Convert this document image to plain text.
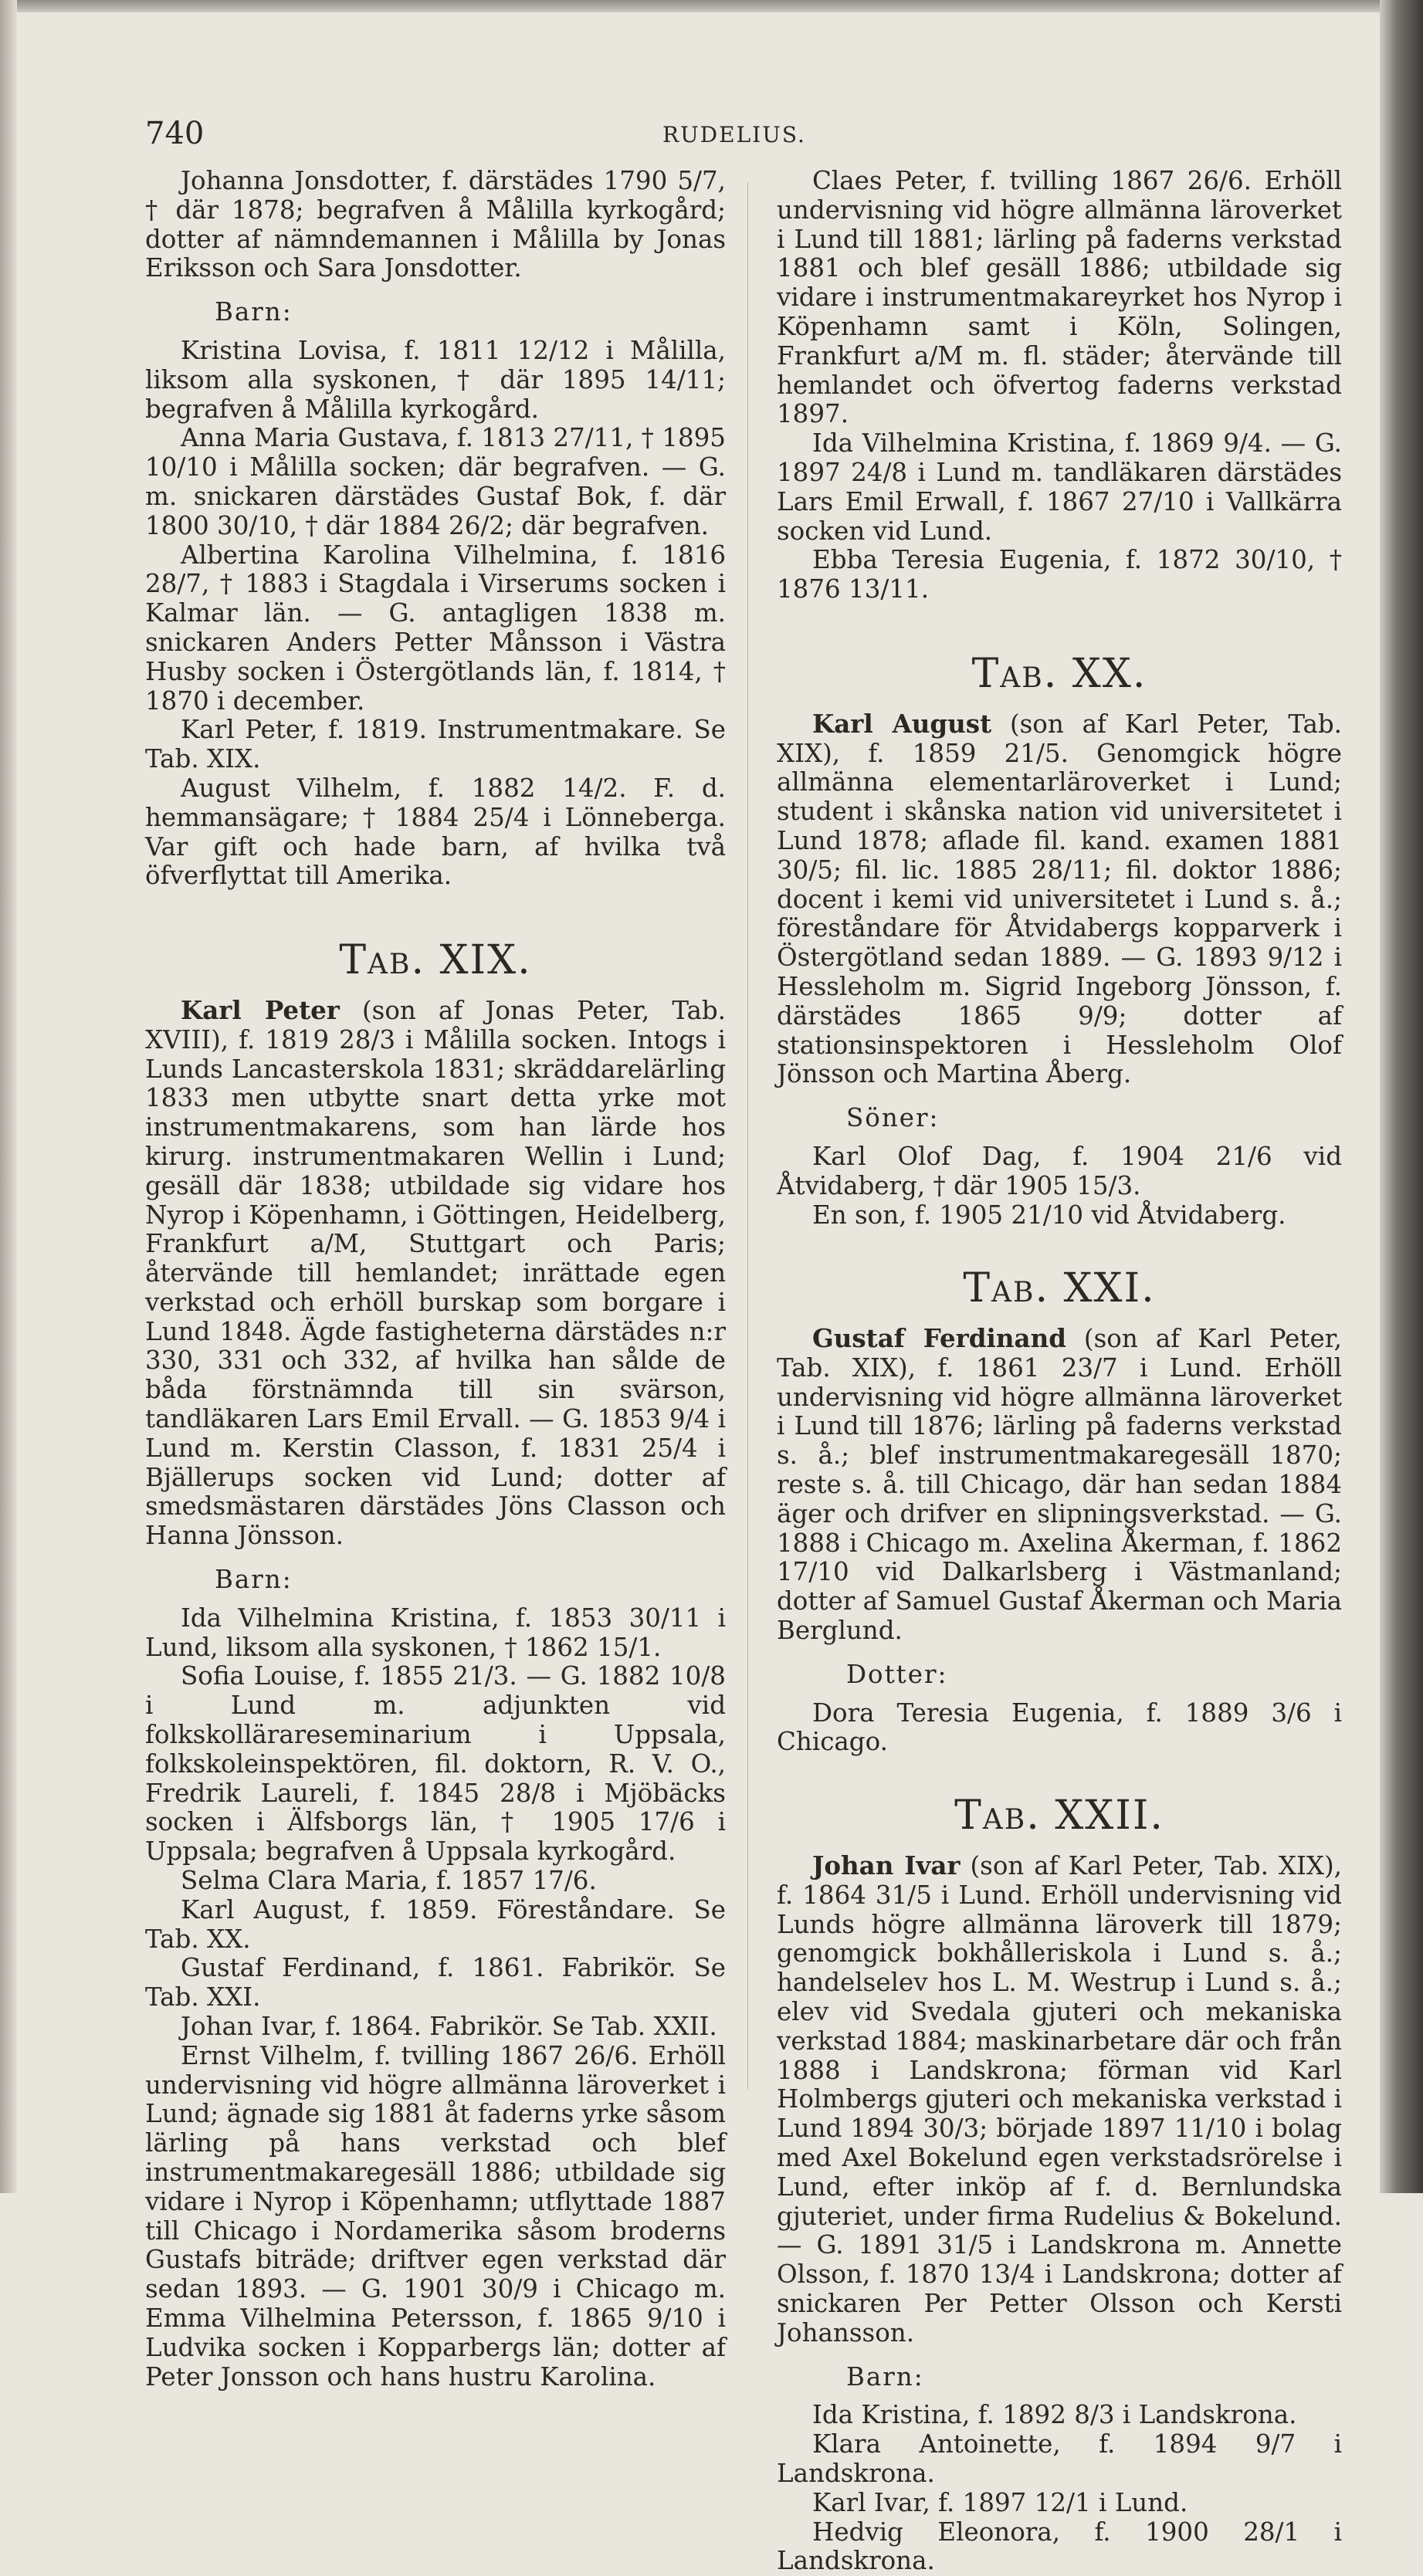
740	RUDELIUS.

Johanna Jonsdotter, f. därstädes 1790 5/7, † där 1878; begrafven å Målilla kyrkogård; dotter af nämndemannen i Målilla by Jonas Eriksson och Sara Jonsdotter.

Barn:

Kristina Lovisa, f. 1811 12/12 i Målilla, liksom alla syskonen, † där 1895 14/11; begrafven å Målilla kyrkogård.

Anna Maria Gustava, f. 1813 27/11, † 1895 10/10 i Målilla socken; där begrafven. — G. m. snickaren därstädes Gustaf Bok, f. där 1800 30/10, † där 1884 26/2; där begrafven.

Albertina Karolina Vilhelmina, f. 1816 28/7, † 1883 i Stagdala i Virserums socken i Kalmar län. — G. antagligen 1838 m. snickaren Anders Petter Månsson i Västra Husby socken i Östergötlands län, f. 1814, † 1870 i december.

Karl Peter, f. 1819. Instrumentmakare. Se Tab. XIX.

August Vilhelm, f. 1882 14/2. F. d. hemmansägare; † 1884 25/4 i Lönneberga. Var gift och hade barn, af hvilka två öfverflyttat till Amerika.

Tab. XIX.

Karl Peter (son af Jonas Peter, Tab. XVIII), f. 1819 28/3 i Målilla socken. Intogs i Lunds Lancasterskola 1831; skräddarelärling 1833 men utbytte snart detta yrke mot instrumentmakarens, som han lärde hos kirurg. instrumentmakaren Wellin i Lund; gesäll där 1838; utbildade sig vidare hos Nyrop i Köpenhamn, i Göttingen, Heidelberg, Frankfurt a/M, Stuttgart och Paris; återvände till hemlandet; inrättade egen verkstad och erhöll burskap som borgare i Lund 1848. Ägde fastigheterna därstädes n:r 330, 331 och 332, af hvilka han sålde de båda förstnämnda till sin svärson, tandläkaren Lars Emil Ervall. — G. 1853 9/4 i Lund m. Kerstin Classon, f. 1831 25/4 i Bjällerups socken vid Lund; dotter af smedsmästaren därstädes Jöns Classon och Hanna Jönsson.

Barn:

Ida Vilhelmina Kristina, f. 1853 30/11 i Lund, liksom alla syskonen, † 1862 15/1.

Sofia Louise, f. 1855 21/3. — G. 1882 10/8 i Lund m. adjunkten vid folkskollärareseminarium i Uppsala, folkskoleinspektören, fil. doktorn, R. V. O., Fredrik Laureli, f. 1845 28/8 i Mjöbäcks socken i Älfsborgs län, † 1905 17/6 i Uppsala; begrafven å Uppsala kyrkogård.

Selma Clara Maria, f. 1857 17/6.

Karl August, f. 1859. Föreståndare. Se Tab. XX.

Gustaf Ferdinand, f. 1861. Fabrikör. Se Tab. XXI.

Johan Ivar, f. 1864. Fabrikör. Se Tab. XXII.

Ernst Vilhelm, f. tvilling 1867 26/6. Erhöll undervisning vid högre allmänna läroverket i Lund; ägnade sig 1881 åt faderns yrke såsom lärling på hans verkstad och blef instrumentmakaregesäll 1886; utbildade sig vidare i Nyrop i Köpenhamn; utflyttade 1887 till Chicago i Nordamerika såsom broderns Gustafs biträde; driftver egen verkstad där sedan 1893. — G. 1901 30/9 i Chicago m. Emma Vilhelmina Petersson, f. 1865 9/10 i Ludvika socken i Kopparbergs län; dotter af Peter Jonsson och hans hustru Karolina.

Claes Peter, f. tvilling 1867 26/6. Erhöll undervisning vid högre allmänna läroverket i Lund till 1881; lärling på faderns verkstad 1881 och blef gesäll 1886; utbildade sig vidare i instrumentmakareyrket hos Nyrop i Köpenhamn samt i Köln, Solingen, Frankfurt a/M m. fl. städer; återvände till hemlandet och öfvertog faderns verkstad 1897.

Ida Vilhelmina Kristina, f. 1869 9/4. — G. 1897 24/8 i Lund m. tandläkaren därstädes Lars Emil Erwall, f. 1867 27/10 i Vallkärra socken vid Lund.

Ebba Teresia Eugenia, f. 1872 30/10, † 1876 13/11.

Tab. XX.

Karl August (son af Karl Peter, Tab. XIX), f. 1859 21/5. Genomgick högre allmänna elementarläroverket i Lund; student i skånska nation vid universitetet i Lund 1878; aflade fil. kand. examen 1881 30/5; fil. lic. 1885 28/11; fil. doktor 1886; docent i kemi vid universitetet i Lund s. å.; föreståndare för Åtvidabergs kopparverk i Östergötland sedan 1889. — G. 1893 9/12 i Hessleholm m. Sigrid Ingeborg Jönsson, f. därstädes 1865 9/9; dotter af stationsinspektoren i Hessleholm Olof Jönsson och Martina Åberg.

Söner:

Karl Olof Dag, f. 1904 21/6 vid Åtvidaberg, † där 1905 15/3.

En son, f. 1905 21/10 vid Åtvidaberg.

Tab. XXI.

Gustaf Ferdinand (son af Karl Peter, Tab. XIX), f. 1861 23/7 i Lund. Erhöll undervisning vid högre allmänna läroverket i Lund till 1876; lärling på faderns verkstad s. å.; blef instrumentmakaregesäll 1870; reste s. å. till Chicago, där han sedan 1884 äger och drifver en slipningsverkstad. — G. 1888 i Chicago m. Axelina Åkerman, f. 1862 17/10 vid Dalkarlsberg i Västmanland; dotter af Samuel Gustaf Åkerman och Maria Berglund.

Dotter:

Dora Teresia Eugenia, f. 1889 3/6 i Chicago.

Tab. XXII.

Johan Ivar (son af Karl Peter, Tab. XIX), f. 1864 31/5 i Lund. Erhöll undervisning vid Lunds högre allmänna läroverk till 1879; genomgick bokhålleriskola i Lund s. å.; handelselev hos L. M. Westrup i Lund s. å.; elev vid Svedala gjuteri och mekaniska verkstad 1884; maskinarbetare där och från 1888 i Landskrona; förman vid Karl Holmbergs gjuteri och mekaniska verkstad i Lund 1894 30/3; började 1897 11/10 i bolag med Axel Bokelund egen verkstadsrörelse i Lund, efter inköp af f. d. Bernlundska gjuteriet, under firma Rudelius & Bokelund. — G. 1891 31/5 i Landskrona m. Annette Olsson, f. 1870 13/4 i Landskrona; dotter af snickaren Per Petter Olsson och Kersti Johansson.

Barn:

Ida Kristina, f. 1892 8/3 i Landskrona.

Klara Antoinette, f. 1894 9/7 i Landskrona.

Karl Ivar, f. 1897 12/1 i Lund.

Hedvig Eleonora, f. 1900 28/1 i Landskrona.
